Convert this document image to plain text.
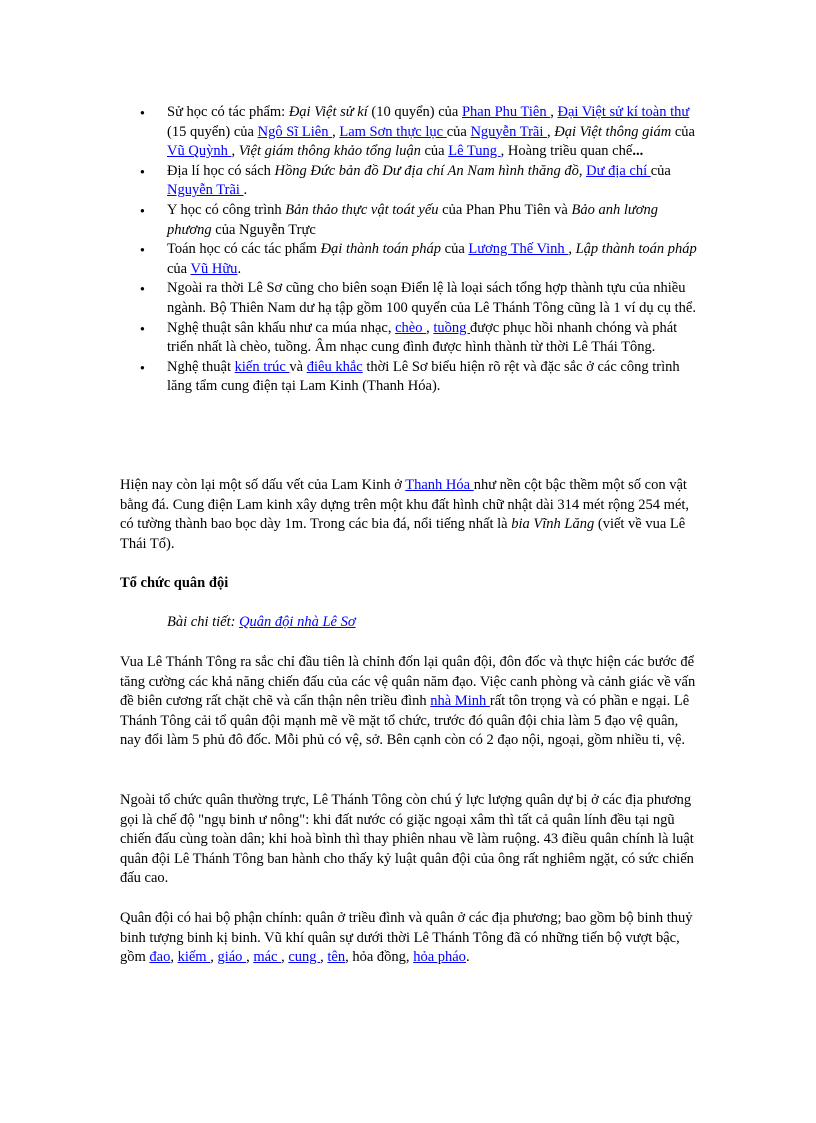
● Sử học có tác phẩm: Đại Việt sử kí (10 quyển) của Phan Phu Tiên , Đại Việt sử kí toàn thư (15 quyển) của Ngô Sĩ Liên , Lam Sơn thực lục của Nguyễn Trãi , Đại Việt thông giám của Vũ Quỳnh , Việt giám thông khảo tổng luận của Lê Tung , Hoàng triều quan chế...
● Địa lí học có sách Hồng Đức bản đồ Dư địa chí An Nam hình thăng đồ, Dư địa chí của Nguyễn Trãi .
● Y học có công trình Bản thảo thực vật toát yếu của Phan Phu Tiên và Bảo anh lương phương của Nguyễn Trực
● Toán học có các tác phẩm Đại thành toán pháp của Lương Thế Vinh , Lập thành toán pháp của Vũ Hữu.
● Ngoài ra thời Lê Sơ cũng cho biên soạn Điển lệ là loại sách tổng hợp thành tựu của nhiều ngành. Bộ Thiên Nam dư hạ tập gồm 100 quyển của Lê Thánh Tông cũng là 1 ví dụ cụ thể.
● Nghệ thuật sân khấu như ca múa nhạc, chèo , tuồng được phục hồi nhanh chóng và phát triển nhất là chèo, tuồng. Âm nhạc cung đình được hình thành từ thời Lê Thái Tông.
● Nghệ thuật kiến trúc và điêu khắc thời Lê Sơ biểu hiện rõ rệt và đặc sắc ở các công trình lăng tẩm cung điện tại Lam Kinh (Thanh Hóa).

Hiện nay còn lại một số dấu vết của Lam Kinh ở Thanh Hóa như nền cột bậc thềm một số con vật bằng đá. Cung điện Lam kinh xây dựng trên một khu đất hình chữ nhật dài 314 mét rộng 254 mét, có tường thành bao bọc dày 1m. Trong các bia đá, nổi tiếng nhất là bia Vĩnh Lăng (viết về vua Lê Thái Tổ).

Tổ chức quân đội

Bài chi tiết: Quân đội nhà Lê Sơ

Vua Lê Thánh Tông ra sắc chỉ đầu tiên là chỉnh đốn lại quân đội, đôn đốc và thực hiện các bước để tăng cường các khả năng chiến đấu của các vệ quân năm đạo. Việc canh phòng và cảnh giác về vấn đề biên cương rất chặt chẽ và cẩn thận nên triều đình nhà Minh rất tôn trọng và có phần e ngại. Lê Thánh Tông cải tổ quân đội mạnh mẽ về mặt tổ chức, trước đó quân đội chia làm 5 đạo vệ quân, nay đổi làm 5 phủ đô đốc. Mỗi phủ có vệ, sở. Bên cạnh còn có 2 đạo nội, ngoại, gồm nhiều ti, vệ.

Ngoài tổ chức quân thường trực, Lê Thánh Tông còn chú ý lực lượng quân dự bị ở các địa phương gọi là chế độ "ngụ binh ư nông": khi đất nước có giặc ngoại xâm thì tất cả quân lính đều tại ngũ chiến đấu cùng toàn dân; khi hoà bình thì thay phiên nhau về làm ruộng. 43 điều quân chính là luật quân đội Lê Thánh Tông ban hành cho thấy kỷ luật quân đội của ông rất nghiêm ngặt, có sức chiến đấu cao.

Quân đội có hai bộ phận chính: quân ở triều đình và quân ở các địa phương; bao gồm bộ binh thuỷ binh tượng binh kị binh. Vũ khí quân sự dưới thời Lê Thánh Tông đã có những tiến bộ vượt bậc, gồm đao, kiếm , giáo , mác , cung , tên, hỏa đồng, hỏa pháo.
